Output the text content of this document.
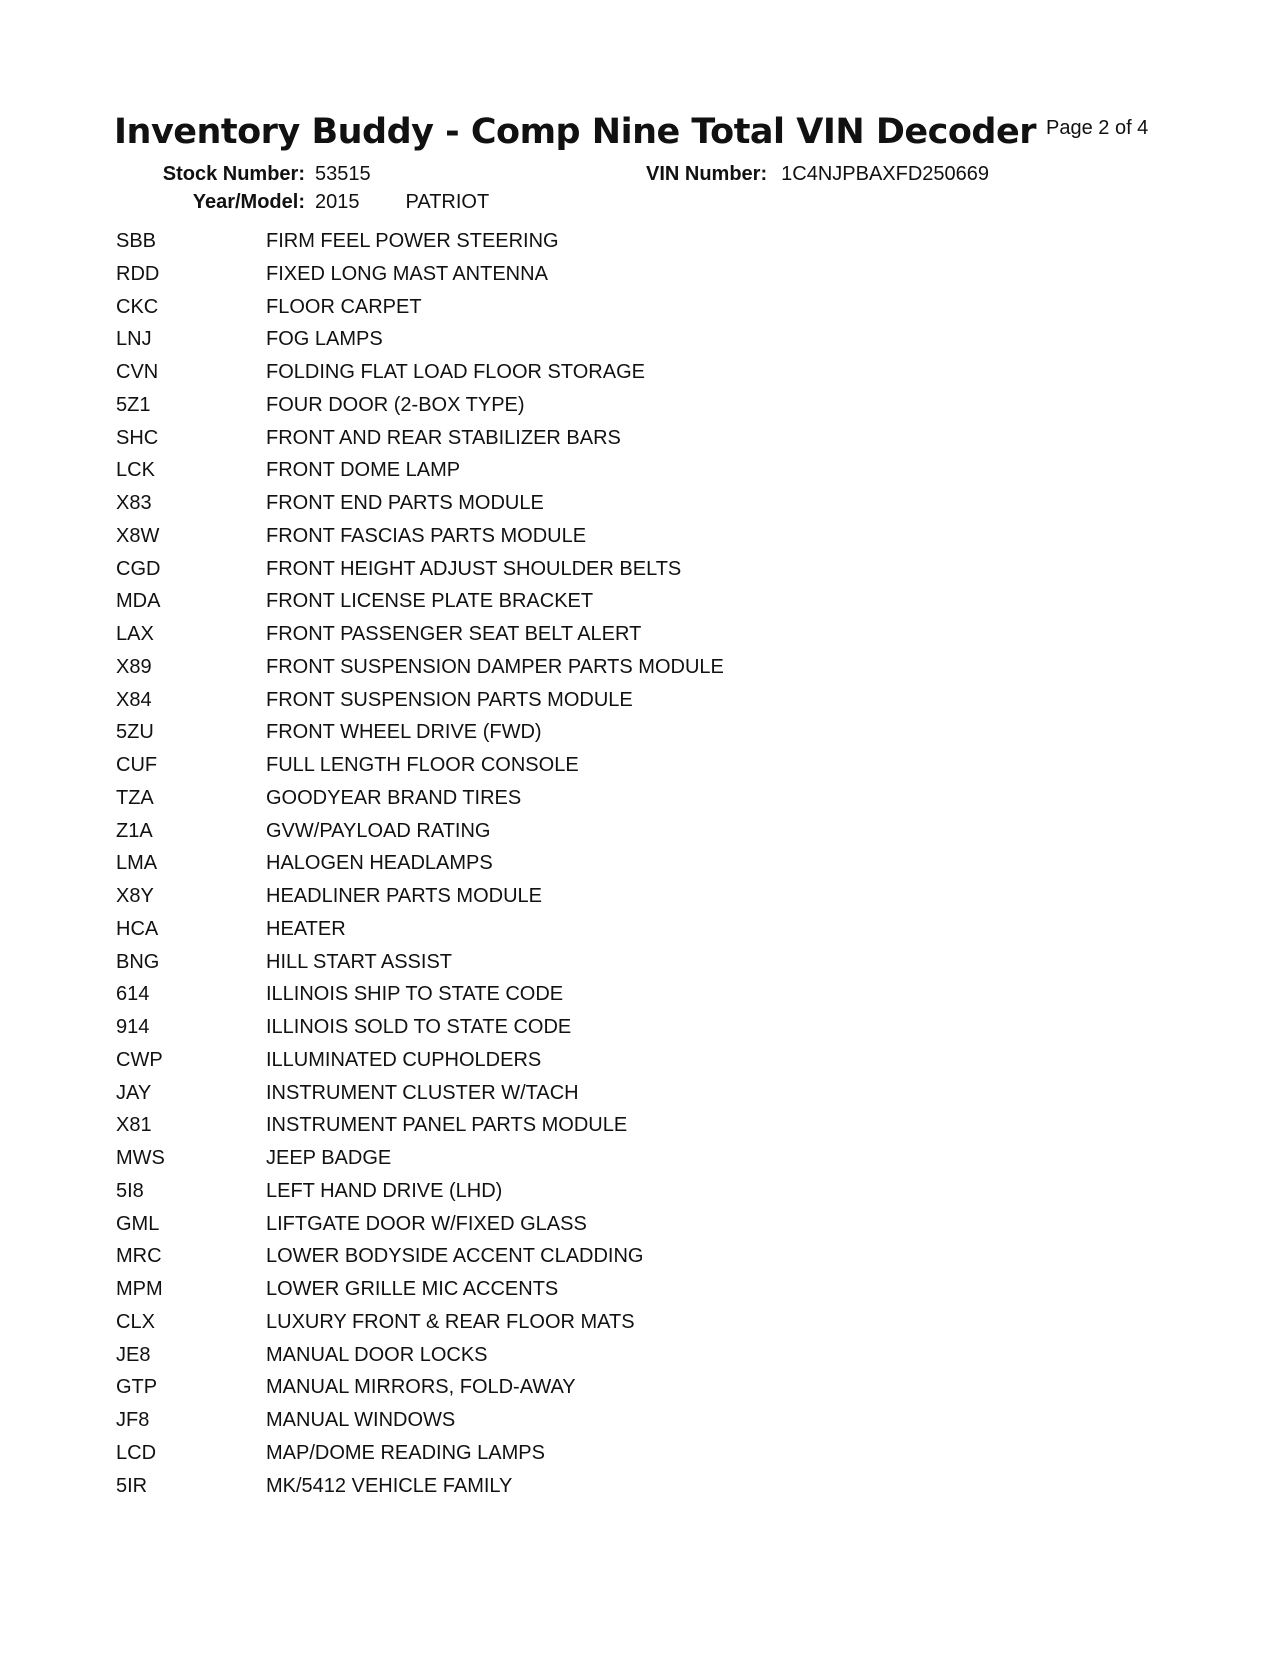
Inventory Buddy - Comp Nine Total VIN Decoder Page 2 of 4
Stock Number: 53515	VIN Number: 1C4NJPBAXFD250669
Year/Model: 2015 PATRIOT
SBB	FIRM FEEL POWER STEERING
RDD	FIXED LONG MAST ANTENNA
CKC	FLOOR CARPET
LNJ	FOG LAMPS
CVN	FOLDING FLAT LOAD FLOOR STORAGE
5Z1	FOUR DOOR (2-BOX TYPE)
SHC	FRONT AND REAR STABILIZER BARS
LCK	FRONT DOME LAMP
X83	FRONT END PARTS MODULE
X8W	FRONT FASCIAS PARTS MODULE
CGD	FRONT HEIGHT ADJUST SHOULDER BELTS
MDA	FRONT LICENSE PLATE BRACKET
LAX	FRONT PASSENGER SEAT BELT ALERT
X89	FRONT SUSPENSION DAMPER PARTS MODULE
X84	FRONT SUSPENSION PARTS MODULE
5ZU	FRONT WHEEL DRIVE (FWD)
CUF	FULL LENGTH FLOOR CONSOLE
TZA	GOODYEAR BRAND TIRES
Z1A	GVW/PAYLOAD RATING
LMA	HALOGEN HEADLAMPS
X8Y	HEADLINER PARTS MODULE
HCA	HEATER
BNG	HILL START ASSIST
614	ILLINOIS SHIP TO STATE CODE
914	ILLINOIS SOLD TO STATE CODE
CWP	ILLUMINATED CUPHOLDERS
JAY	INSTRUMENT CLUSTER W/TACH
X81	INSTRUMENT PANEL PARTS MODULE
MWS	JEEP BADGE
5I8	LEFT HAND DRIVE (LHD)
GML	LIFTGATE DOOR W/FIXED GLASS
MRC	LOWER BODYSIDE ACCENT CLADDING
MPM	LOWER GRILLE MIC ACCENTS
CLX	LUXURY FRONT & REAR FLOOR MATS
JE8	MANUAL DOOR LOCKS
GTP	MANUAL MIRRORS, FOLD-AWAY
JF8	MANUAL WINDOWS
LCD	MAP/DOME READING LAMPS
5IR	MK/5412 VEHICLE FAMILY
